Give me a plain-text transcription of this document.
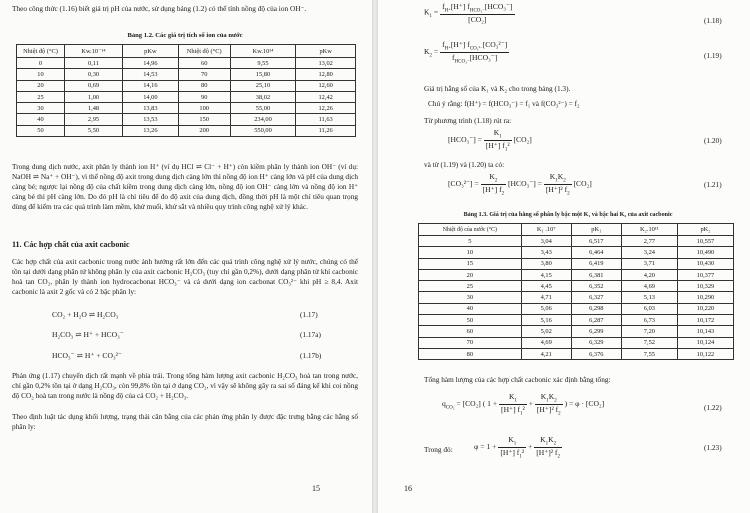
Theo công thức (1.16) biết giá trị pH của nước, sử dụng bảng (1.2) có thể tính nồng độ của ion OH⁻.
Bảng 1.2. Các giá trị tích số ion của nước
Nhiệt độ (°C)	Kw.10⁻¹⁴	pKw	Nhiệt độ (°C)	Kw.10¹⁴	pKw
0	0,11	14,96	60	9,55	13,02
10	0,30	14,53	70	15,80	12,80
20	0,69	14,16	80	25,10	12,60
25	1,00	14,00	90	38,02	12,42
30	1,48	13,83	100	55,00	12,26
40	2,95	13,53	150	234,00	11,63
50	5,50	13,26	200	550,00	11,26
Trong dung dịch nước, axit phân ly thành ion H⁺ (ví dụ HCl ⇌ Cl⁻ + H⁺) còn kiềm phân ly thành ion OH⁻ (ví dụ: NaOH ⇌ Na⁺ + OH⁻), vì thế nồng độ axit trong dung dịch càng lớn thì nồng độ ion H⁺ càng lớn và pH của dung dịch càng bé; ngược lại nồng độ của chất kiềm trong dung dịch càng lớn, nồng độ ion OH⁻ càng lớn và nồng độ ion H⁺ càng bé thì pH càng lớn. Do đó pH là chỉ tiêu để đo độ axit của dung dịch, đồng thời pH là một chỉ tiêu quan trọng dùng để kiểm tra các quá trình làm mềm, khử muối, khử sắt và nhiều quy trình công nghệ xử lý khác.
11. Các hợp chất của axit cacbonic
Các hợp chất của axit cacbonic trong nước ảnh hưởng rất lớn đến các quá trình công nghệ xử lý nước, chúng có thể tồn tại dưới dạng phân tử không phân ly của axit cacbonic H₂CO₃ (tuy chỉ gần 0,2%), dưới dạng phân tử khí cacbonic hoà tan CO₂, phân ly thành ion hydrocacbonat HCO₃⁻ và cả dưới dạng ion cacbonat CO₃²⁻ khi pH ≥ 8,4. Axit cacbonic là axit 2 gốc và có 2 bậc phân ly:
CO₂ + H₂O ⇌ H₂CO₃	(1.17)
H₂CO₃ ⇌ H⁺ + HCO₃⁻	(1.17a)
HCO₃⁻ ⇌ H⁺ + CO₃²⁻	(1.17b)
Phản ứng (1.17) chuyển dịch rất mạnh về phía trái. Trong tổng hàm lượng axit cacbonic H₂CO₃ hoà tan trong nước, chỉ gần 0,2% tồn tại ở dạng H₂CO₃, còn 99,8% tồn tại ở dạng CO₂, vì vậy sẽ không gây ra sai số đáng kể khi coi nồng độ CO₂ hoà tan trong nước là nồng độ của cả CO₂ + H₂CO₃.
Theo định luật tác dụng khối lượng, trạng thái cân bằng của các phản ứng phân ly được đặc trưng bằng các hằng số phân ly:
15
$K_1 = \frac{f_{H^+}[H^+] f_{HCO_3^-}[HCO_3^-]}{\text{[CO₂]}}$	(1.18)
$K_2 = \frac{f_{H^+}[H^+] f_{CO_3^{2-}}[CO_3^{2-}]}{f_{HCO_3^-}[HCO_3^-]}$	(1.19)
Giá trị hằng số của K₁ và K₂ cho trong bảng (1.3).
Chú ý rằng: f(H⁺) = f(HCO₃⁻) = f₁ và f(CO₃²⁻) = f₂
Từ phương trình (1.18) rút ra:
$[HCO_3^-] = \frac{K_1}{[H^+] f_1^2} [CO_2]$	(1.20)
và từ (1.19) và (1.20) ta có:
$[CO_3^{2-}] = \frac{K_2}{[H^+] f_2} [HCO_3^-] = \frac{K_1K_2}{[H^+]^2 f_2} [CO_2]$	(1.21)
Bảng 1.3. Giá trị của hằng số phân ly bậc một K₁ và bậc hai K₂ của axit cacbonic
Nhiệt độ của nước (°C)	K₁ .10⁷	pK₁	K₂.10¹¹	pK₂
5	3,04	6,517	2,77	10,557
10	3,43	6,464	3,24	10,490
15	3,80	6,419	3,71	10,430
20	4,15	6,381	4,20	10,377
25	4,45	6,352	4,69	10,329
30	4,71	6,327	5,13	10,290
40	5,06	6,298	6,03	10,220
50	5,16	6,287	6,73	10,172
60	5,02	6,299	7,20	10,143
70	4,69	6,329	7,52	10,124
80	4,21	6,376	7,55	10,122
Tổng hàm lượng của các hợp chất cacbonic xác định bằng tổng:
$q_{CO_2} = [CO_2]$ ( $1 + \frac{K_1}{[H^+] f_1^2} + \frac{K_1K_2}{[H^+]^2 f_2}$ ) = φ · [CO₂]	(1.22)
Trong đó:	$\varphi = 1 + \frac{K_1}{[H^+] f_1^2} + \frac{K_1K_2}{[H^+]^2 f_2}$	(1.23)
16
